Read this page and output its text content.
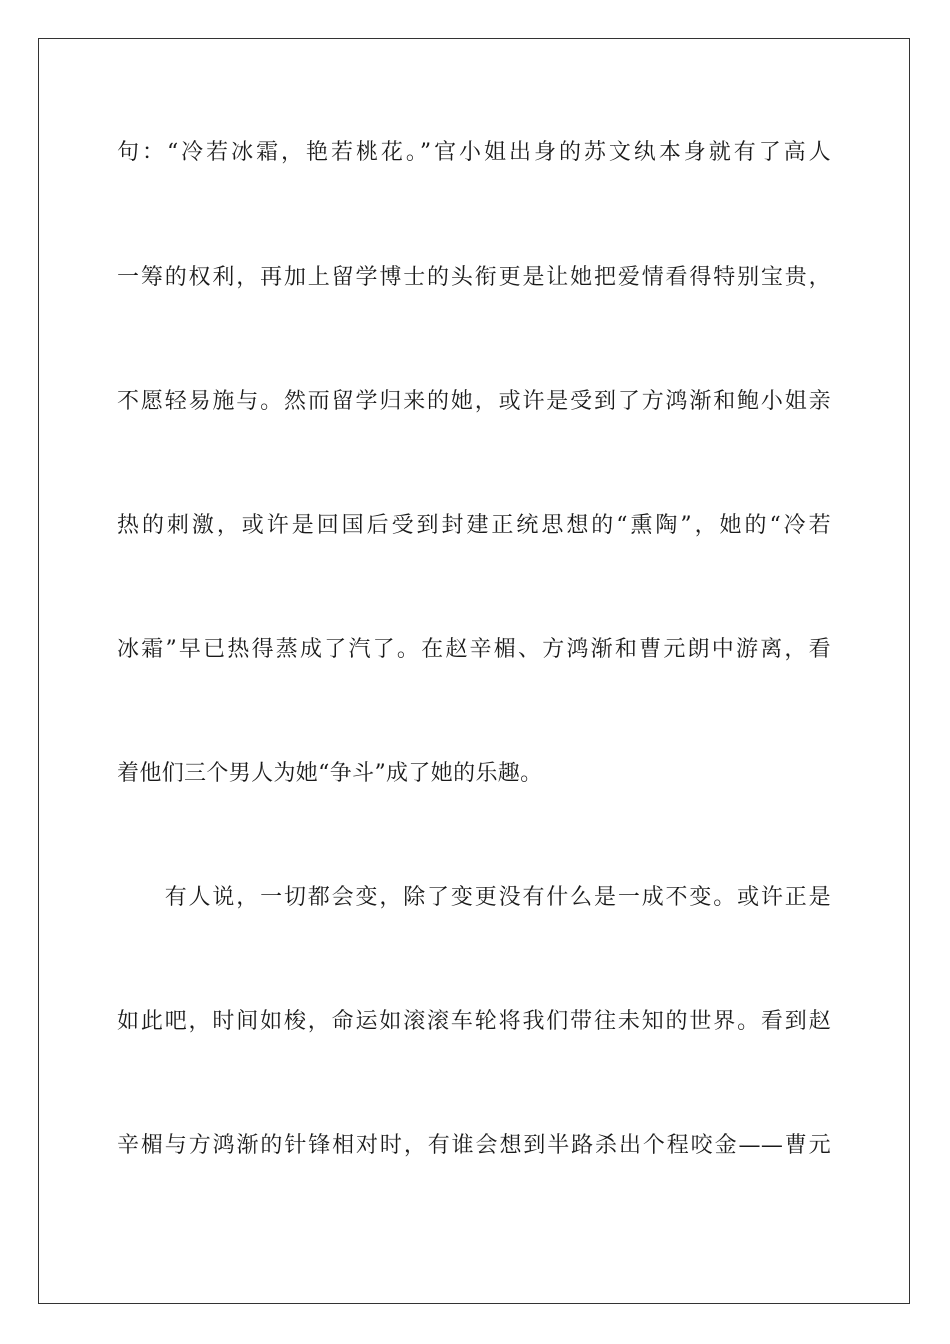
句：“冷若冰霜，艳若桃花。”官小姐出身的苏文纨本身就有了高人
一筹的权利，再加上留学博士的头衔更是让她把爱情看得特别宝贵，
不愿轻易施与。然而留学归来的她，或许是受到了方鸿渐和鲍小姐亲
热的刺激，或许是回国后受到封建正统思想的“熏陶”，她的“冷若
冰霜”早已热得蒸成了汽了。在赵辛楣、方鸿渐和曹元朗中游离，看
着他们三个男人为她“争斗”成了她的乐趣。
　　有人说，一切都会变，除了变更没有什么是一成不变。或许正是
如此吧，时间如梭，命运如滚滚车轮将我们带往未知的世界。看到赵
辛楣与方鸿渐的针锋相对时，有谁会想到半路杀出个程咬金——曹元
